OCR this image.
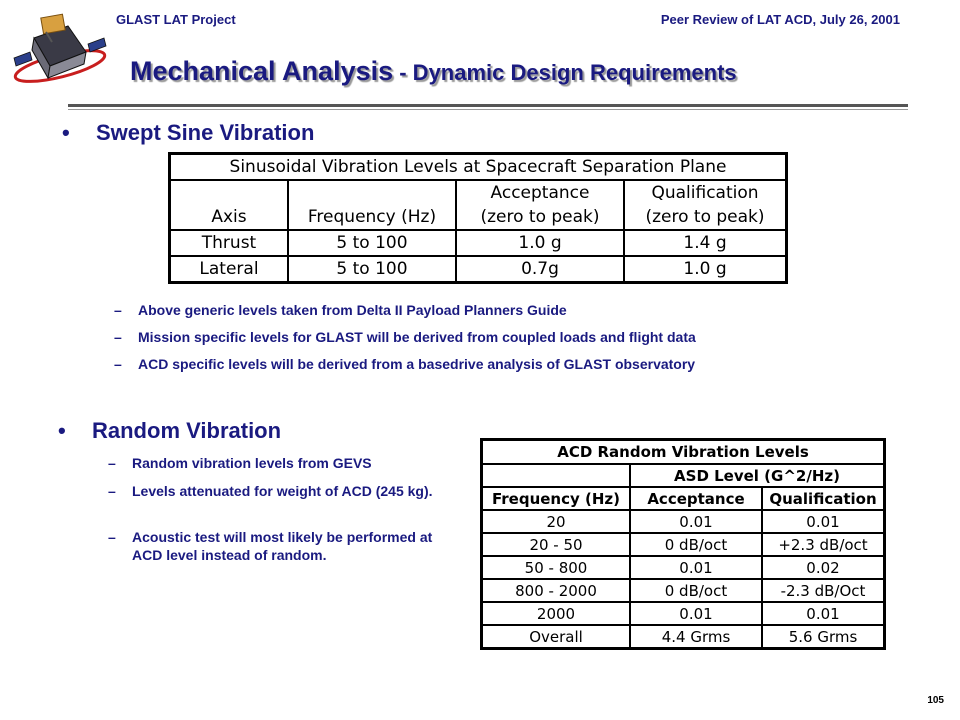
GLAST LAT Project	Peer Review of LAT ACD, July 26, 2001
Mechanical Analysis - Dynamic Design Requirements
• Swept Sine Vibration
Sinusoidal Vibration Levels at Spacecraft Separation Plane			
Axis	Frequency (Hz)	Acceptance	Qualification
		(zero to peak)	(zero to peak)
Thrust	5 to 100	1.0 g	1.4 g
Lateral	5 to 100	0.7g	1.0 g
– Above generic levels taken from Delta II Payload Planners Guide
– Mission specific levels for GLAST will be derived from coupled loads and flight data
– ACD specific levels will be derived from a basedrive analysis of GLAST observatory
• Random Vibration
– Random vibration levels from GEVS
– Levels attenuated for weight of ACD (245 kg).
– Acoustic test will most likely be performed at ACD level instead of random.
ACD Random Vibration Levels		
	ASD Level (G^2/Hz)	
Frequency (Hz)	Acceptance	Qualification
20	0.01	0.01
20 - 50	0 dB/oct	+2.3 dB/oct
50 - 800	0.01	0.02
800 - 2000	0 dB/oct	-2.3 dB/Oct
2000	0.01	0.01
Overall	4.4 Grms	5.6 Grms
105
